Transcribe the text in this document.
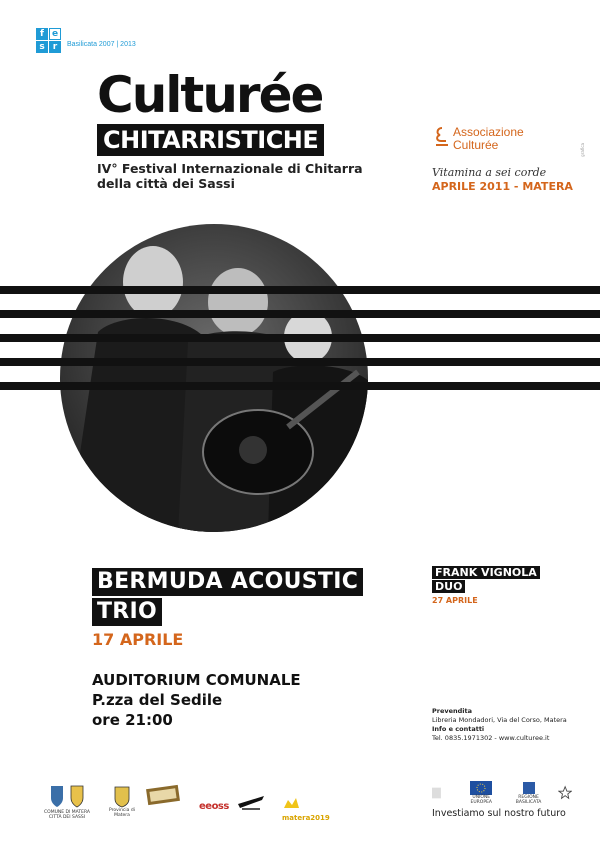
f e
s r	Basilicata 2007 | 2013
Culturée
CHITARRISTICHE
IV° Festival Internazionale di Chitarra
della città dei Sassi
Associazione
Culturée
Vitamina a sei corde
APRILE 2011 - MATERA
grafica
BERMUDA ACOUSTIC
TRIO
17 APRILE
AUDITORIUM COMUNALE
P.zza del Sedile
ore 21:00
FRANK VIGNOLA
DUO
27 APRILE
Prevendita
Libreria Mondadori, Via del Corso, Matera
Info e contatti
Tel. 0835.1971302 - www.culturee.it
COMUNE DI MATERA
CITTÀ DEI SASSI
Provincia di Matera
eeoss
matera2019
UNIONE EUROPEA
REGIONE BASILICATA
Investiamo sul nostro futuro
